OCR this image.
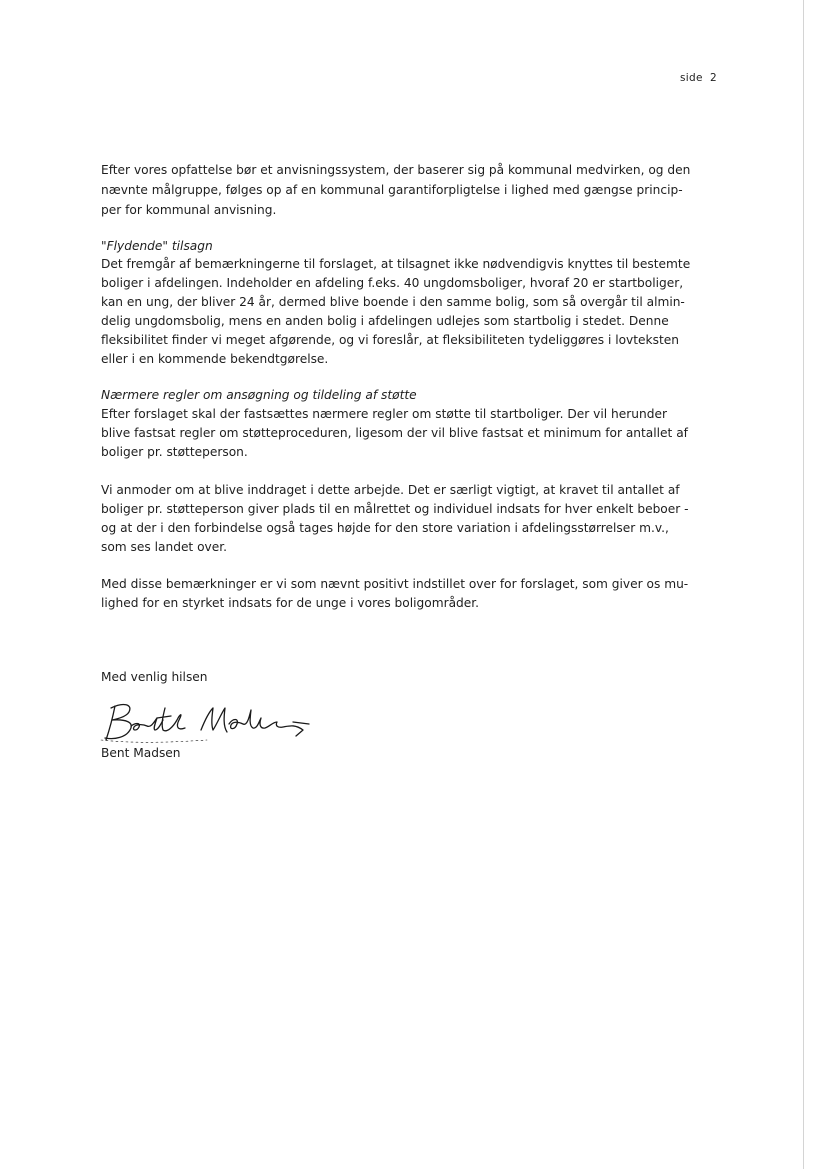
side  2
Efter vores opfattelse bør et anvisningssystem, der baserer sig på kommunal medvirken, og den
nævnte målgruppe, følges op af en kommunal garantiforpligtelse i lighed med gængse princip-
per for kommunal anvisning.
"Flydende" tilsagn
Det fremgår af bemærkningerne til forslaget, at tilsagnet ikke nødvendigvis knyttes til bestemte
boliger i afdelingen. Indeholder en afdeling f.eks. 40 ungdomsboliger, hvoraf 20 er startboliger,
kan en ung, der bliver 24 år, dermed blive boende i den samme bolig, som så overgår til almin-
delig ungdomsbolig, mens en anden bolig i afdelingen udlejes som startbolig i stedet. Denne
fleksibilitet finder vi meget afgørende, og vi foreslår, at fleksibiliteten tydeliggøres i lovteksten
eller i en kommende bekendtgørelse.
Nærmere regler om ansøgning og tildeling af støtte
Efter forslaget skal der fastsættes nærmere regler om støtte til startboliger. Der vil herunder
blive fastsat regler om støtteproceduren, ligesom der vil blive fastsat et minimum for antallet af
boliger pr. støtteperson.
Vi anmoder om at blive inddraget i dette arbejde. Det er særligt vigtigt, at kravet til antallet af
boliger pr. støtteperson giver plads til en målrettet og individuel indsats for hver enkelt beboer -
og at der i den forbindelse også tages højde for den store variation i afdelingsstørrelser m.v.,
som ses landet over.
Med disse bemærkninger er vi som nævnt positivt indstillet over for forslaget, som giver os mu-
lighed for en styrket indsats for de unge i vores boligområder.
Med venlig hilsen
Bent Madsen
